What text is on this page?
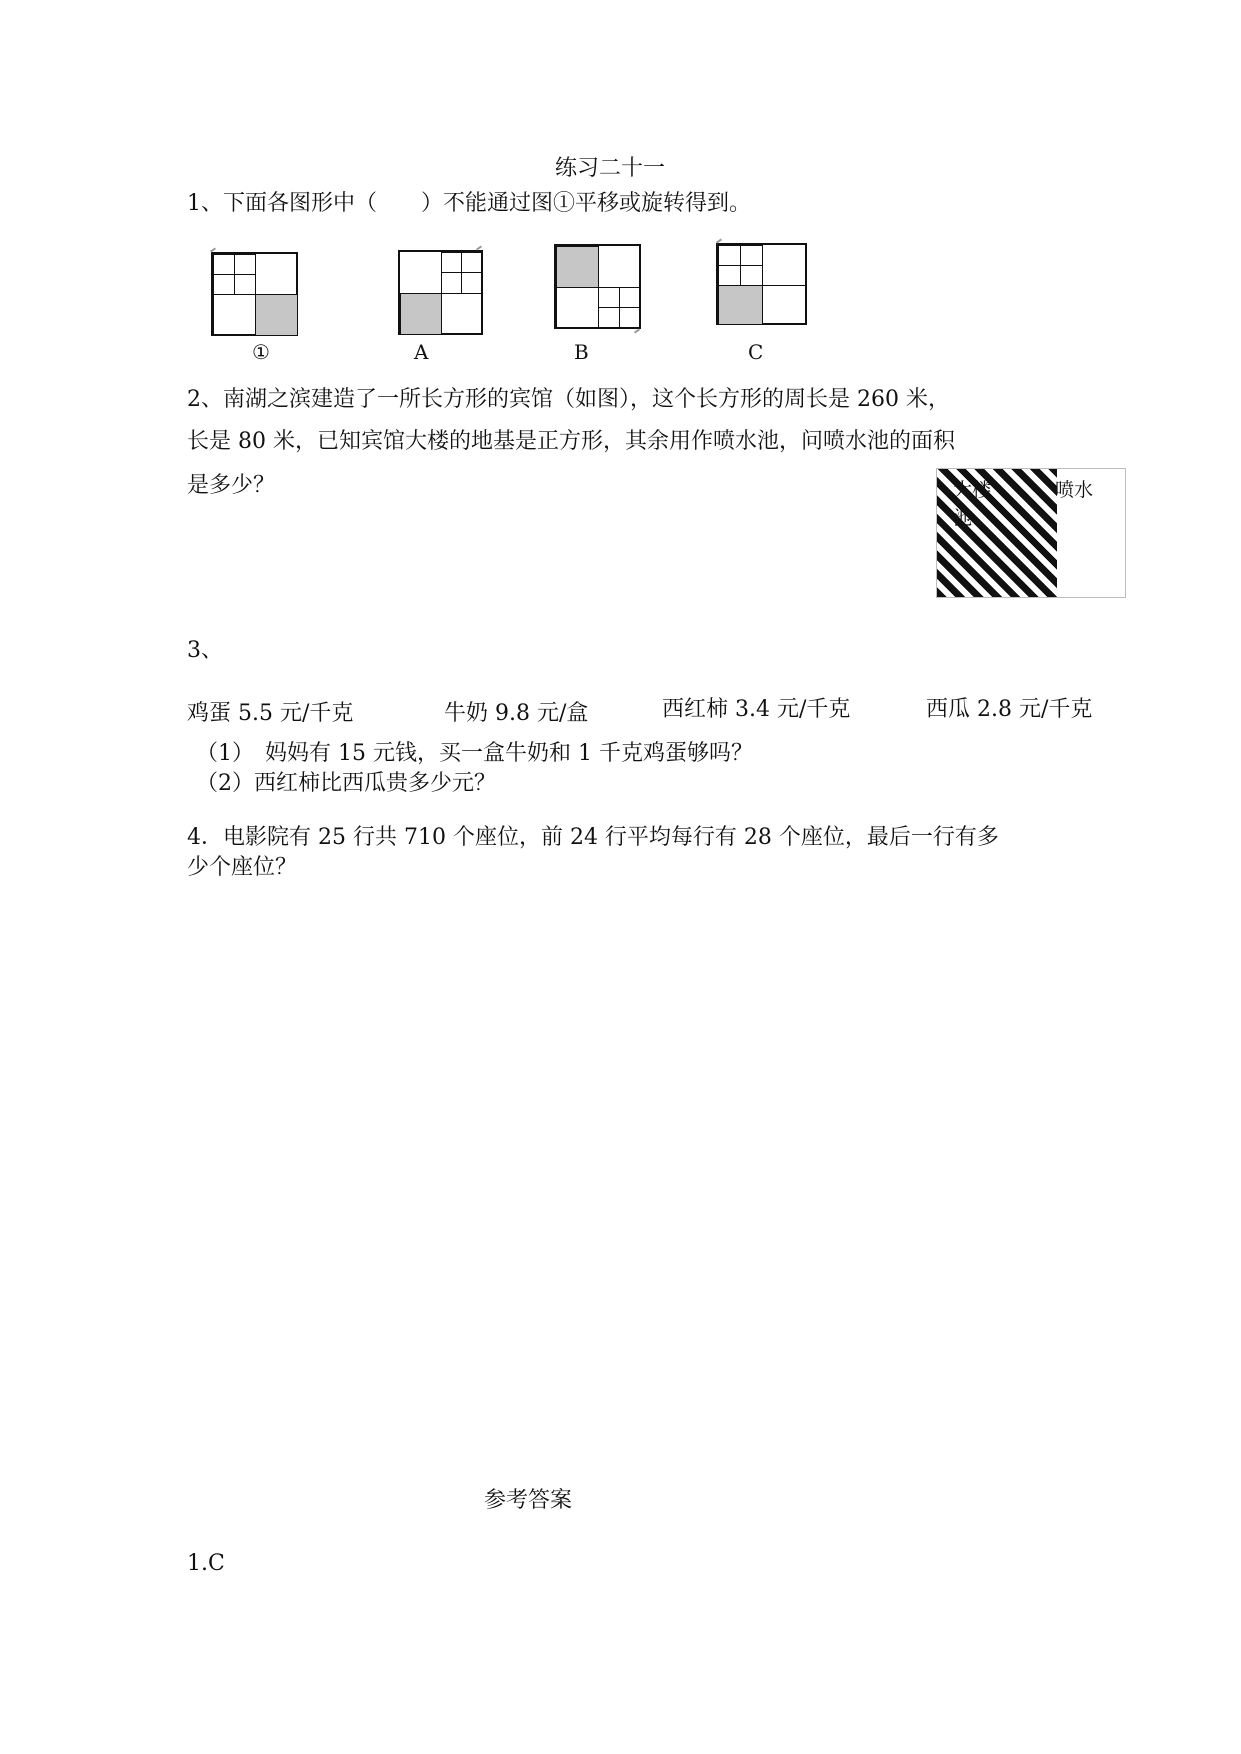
练习二十一
1、下面各图形中（　　）不能通过图①平移或旋转得到。
①	A	B	C
2、南湖之滨建造了一所长方形的宾馆（如图），这个长方形的周长是 260 米，
长是 80 米，已知宾馆大楼的地基是正方形，其余用作喷水池，问喷水池的面积
是多少？	大楼	喷水
池
3、
鸡蛋 5.5 元/千克	牛奶 9.8 元/盒	西红柿 3.4 元/千克	西瓜 2.8 元/千克
（1）　妈妈有 15 元钱，买一盒牛奶和 1 千克鸡蛋够吗？
（2）西红柿比西瓜贵多少元？
4．电影院有 25 行共 710 个座位，前 24 行平均每行有 28 个座位，最后一行有多
少个座位？
参考答案
1.C
